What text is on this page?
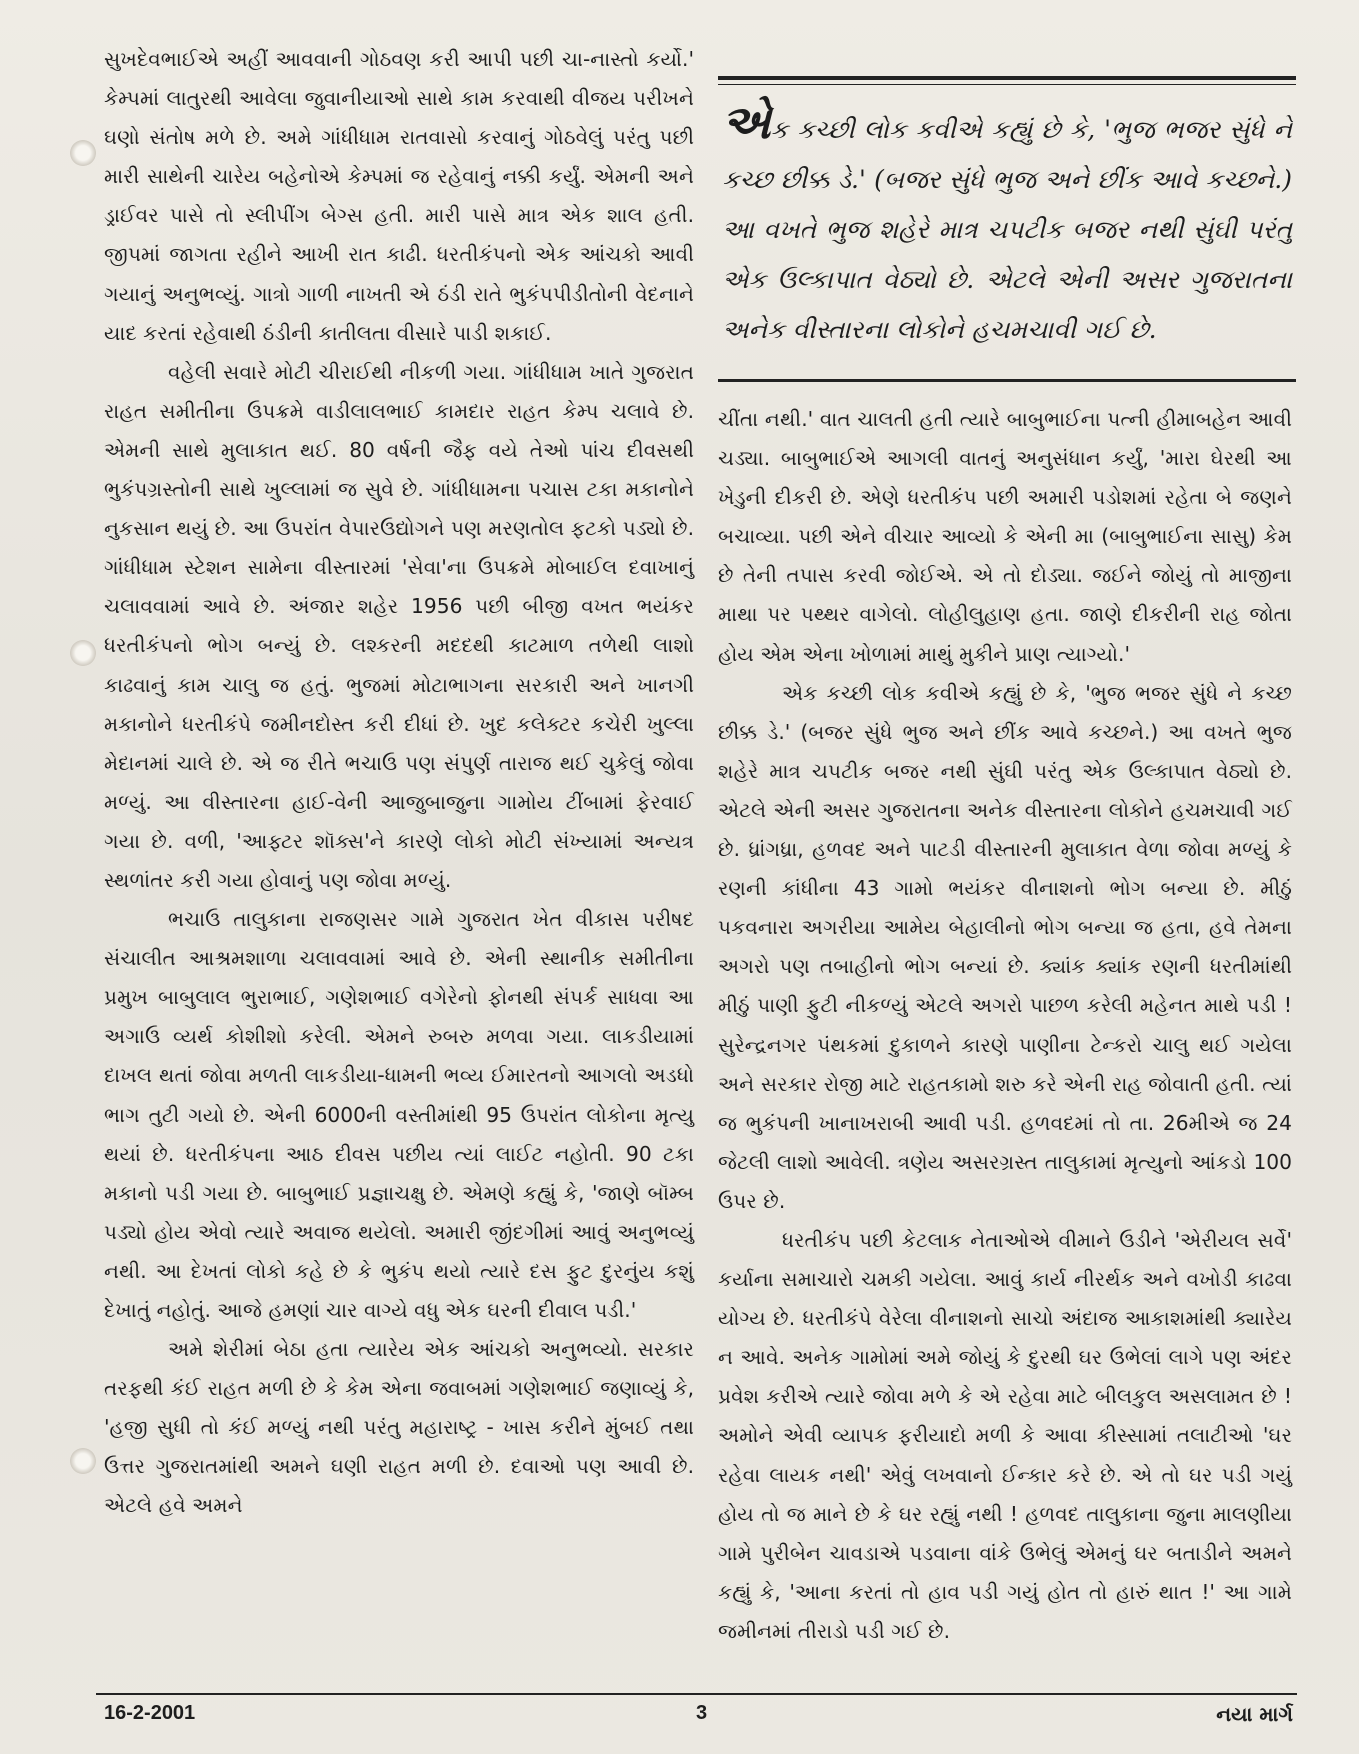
સુખદેવભાઈએ અહીં આવવાની ગોઠવણ કરી આપી પછી ચા-નાસ્તો કર્યો.' કેમ્પમાં લાતુરથી આવેલા જુવાનીયાઓ સાથે કામ કરવાથી વીજય પરીખને ઘણો સંતોષ મળે છે. અમે ગાંધીધામ રાતવાસો કરવાનું ગોઠવેલું પરંતુ પછી મારી સાથેની ચારેય બહેનોએ કેમ્પમાં જ રહેવાનું નક્કી કર્યું. એમની અને ડ્રાઈવર પાસે તો સ્લીપીંગ બેગ્સ હતી. મારી પાસે માત્ર એક શાલ હતી. જીપમાં જાગતા રહીને આખી રાત કાઢી. ધરતીકંપનો એક આંચકો આવી ગયાનું અનુભવ્યું. ગાત્રો ગાળી નાખતી એ ઠંડી રાતે ભુકંપપીડીતોની વેદનાને યાદ કરતાં રહેવાથી ઠંડીની કાતીલતા વીસારે પાડી શકાઈ.

વહેલી સવારે મોટી ચીરાઈથી નીકળી ગયા. ગાંધીધામ ખાતે ગુજરાત રાહત સમીતીના ઉપક્રમે વાડીલાલભાઈ કામદાર રાહત કેમ્પ ચલાવે છે. એમની સાથે મુલાકાત થઈ. 80 વર્ષની જૈફ વયે તેઓ પાંચ દીવસથી ભુકંપગ્રસ્તોની સાથે ખુલ્લામાં જ સુવે છે. ગાંધીધામના પચાસ ટકા મકાનોને નુકસાન થયું છે. આ ઉપરાંત વેપારઉદ્યોગને પણ મરણતોલ ફટકો પડ્યો છે. ગાંધીધામ સ્ટેશન સામેના વીસ્તારમાં 'સેવા'ના ઉપક્રમે મોબાઈલ દવાખાનું ચલાવવામાં આવે છે. અંજાર શહેર 1956 પછી બીજી વખત ભયંકર ધરતીકંપનો ભોગ બન્યું છે. લશ્કરની મદદથી કાટમાળ તળેથી લાશો કાઢવાનું કામ ચાલુ જ હતું. ભુજમાં મોટાભાગના સરકારી અને ખાનગી મકાનોને ધરતીકંપે જમીનદોસ્ત કરી દીધાં છે. ખુદ કલેક્ટર કચેરી ખુલ્લા મેદાનમાં ચાલે છે. એ જ રીતે ભચાઉ પણ સંપુર્ણ તારાજ થઈ ચુકેલું જોવા મળ્યું. આ વીસ્તારના હાઈ-વેની આજુબાજુના ગામોય ટીંબામાં ફેરવાઈ ગયા છે. વળી, 'આફ્ટર શૉક્સ'ને કારણે લોકો મોટી સંખ્યામાં અન્યત્ર સ્થળાંતર કરી ગયા હોવાનું પણ જોવા મળ્યું.

ભચાઉ તાલુકાના રાજણસર ગામે ગુજરાત ખેત વીકાસ પરીષદ સંચાલીત આશ્રમશાળા ચલાવવામાં આવે છે. એની સ્થાનીક સમીતીના પ્રમુખ બાબુલાલ ભુરાભાઈ, ગણેશભાઈ વગેરેનો ફોનથી સંપર્ક સાધવા આ અગાઉ વ્યર્થ કોશીશો કરેલી. એમને રુબરુ મળવા ગયા. લાકડીયામાં દાખલ થતાં જોવા મળતી લાકડીયા-ધામની ભવ્ય ઈમારતનો આગલો અડધો ભાગ તુટી ગયો છે. એની 6000ની વસ્તીમાંથી 95 ઉપરાંત લોકોના મૃત્યુ થયાં છે. ધરતીકંપના આઠ દીવસ પછીય ત્યાં લાઈટ નહોતી. 90 ટકા મકાનો પડી ગયા છે. બાબુભાઈ પ્રજ્ઞાચક્ષુ છે. એમણે કહ્યું કે, 'જાણે બૉમ્બ પડ્યો હોય એવો ત્યારે અવાજ થયેલો. અમારી જીંદગીમાં આવું અનુભવ્યું નથી. આ દેખતાં લોકો કહે છે કે ભુકંપ થયો ત્યારે દસ ફુટ દુરનુંય કશું દેખાતું નહોતું. આજે હમણાં ચાર વાગ્યે વધુ એક ઘરની દીવાલ પડી.'

અમે શેરીમાં બેઠા હતા ત્યારેય એક આંચકો અનુભવ્યો. સરકાર તરફથી કંઈ રાહત મળી છે કે કેમ એના જવાબમાં ગણેશભાઈ જણાવ્યું કે, 'હજી સુધી તો કંઈ મળ્યું નથી પરંતુ મહારાષ્ટ્ર - ખાસ કરીને મુંબઈ તથા ઉત્તર ગુજરાતમાંથી અમને ઘણી રાહત મળી છે. દવાઓ પણ આવી છે. એટલે હવે અમને

એક કચ્છી લોક કવીએ કહ્યું છે કે, 'ભુજ ભજર સુંધે ને કચ્છ છીક્ક ડે.' (બજર સુંધે ભુજ અને છીંક આવે કચ્છને.) આ વખતે ભુજ શહેરે માત્ર ચપટીક બજર નથી સુંઘી પરંતુ એક ઉલ્કાપાત વેઠ્યો છે. એટલે એની અસર ગુજરાતના અનેક વીસ્તારના લોકોને હચમચાવી ગઈ છે.

ચીંતા નથી.' વાત ચાલતી હતી ત્યારે બાબુભાઈના પત્ની હીમાબહેન આવી ચડ્યા. બાબુભાઈએ આગલી વાતનું અનુસંધાન કર્યું, 'મારા ઘેરથી આ ખેડુની દીકરી છે. એણે ધરતીકંપ પછી અમારી પડોશમાં રહેતા બે જણને બચાવ્યા. પછી એને વીચાર આવ્યો કે એની મા (બાબુભાઈના સાસુ) કેમ છે તેની તપાસ કરવી જોઈએ. એ તો દોડ્યા. જઈને જોયું તો માજીના માથા પર પથ્થર વાગેલો. લોહીલુહાણ હતા. જાણે દીકરીની રાહ જોતા હોય એમ એના ખોળામાં માથું મુકીને પ્રાણ ત્યાગ્યો.'

એક કચ્છી લોક કવીએ કહ્યું છે કે, 'ભુજ ભજર સુંધે ને કચ્છ છીક્ક ડે.' (બજર સુંધે ભુજ અને છીંક આવે કચ્છને.) આ વખતે ભુજ શહેરે માત્ર ચપટીક બજર નથી સુંઘી પરંતુ એક ઉલ્કાપાત વેઠ્યો છે. એટલે એની અસર ગુજરાતના અનેક વીસ્તારના લોકોને હચમચાવી ગઈ છે. ધ્રાંગધ્રા, હળવદ અને પાટડી વીસ્તારની મુલાકાત વેળા જોવા મળ્યું કે રણની કાંધીના 43 ગામો ભયંકર વીનાશનો ભોગ બન્યા છે. મીઠું પકવનારા અગરીયા આમેય બેહાલીનો ભોગ બન્યા જ હતા, હવે તેમના અગરો પણ તબાહીનો ભોગ બન્યાં છે. ક્યાંક ક્યાંક રણની ધરતીમાંથી મીઠું પાણી ફુટી નીકળ્યું એટલે અગરો પાછળ કરેલી મહેનત માથે પડી ! સુરેન્દ્રનગર પંથકમાં દુકાળને કારણે પાણીના ટેન્કરો ચાલુ થઈ ગયેલા અને સરકાર રોજી માટે રાહતકામો શરુ કરે એની રાહ જોવાતી હતી. ત્યાં જ ભુકંપની ખાનાખરાબી આવી પડી. હળવદમાં તો તા. 26મીએ જ 24 જેટલી લાશો આવેલી. ત્રણેય અસરગ્રસ્ત તાલુકામાં મૃત્યુનો આંકડો 100 ઉપર છે.

ધરતીકંપ પછી કેટલાક નેતાઓએ વીમાને ઉડીને 'એરીયલ સર્વે' કર્યાના સમાચારો ચમકી ગયેલા. આવું કાર્ય નીરર્થક અને વખોડી કાઢવા યોગ્ય છે. ધરતીકંપે વેરેલા વીનાશનો સાચો અંદાજ આકાશમાંથી ક્યારેય ન આવે. અનેક ગામોમાં અમે જોયું કે દુરથી ઘર ઉભેલાં લાગે પણ અંદર પ્રવેશ કરીએ ત્યારે જોવા મળે કે એ રહેવા માટે બીલકુલ અસલામત છે ! અમોને એવી વ્યાપક ફરીયાદો મળી કે આવા કીસ્સામાં તલાટીઓ 'ઘર રહેવા લાયક નથી' એવું લખવાનો ઈન્કાર કરે છે. એ તો ઘર પડી ગયું હોય તો જ માને છે કે ઘર રહ્યું નથી ! હળવદ તાલુકાના જુના માલણીયા ગામે પુરીબેન ચાવડાએ પડવાના વાંકે ઉભેલું એમનું ઘર બતાડીને અમને કહ્યું કે, 'આના કરતાં તો હાવ પડી ગયું હોત તો હારું થાત !' આ ગામે જમીનમાં તીરાડો પડી ગઈ છે.

16-2-2001	3	નયા માર્ગ
